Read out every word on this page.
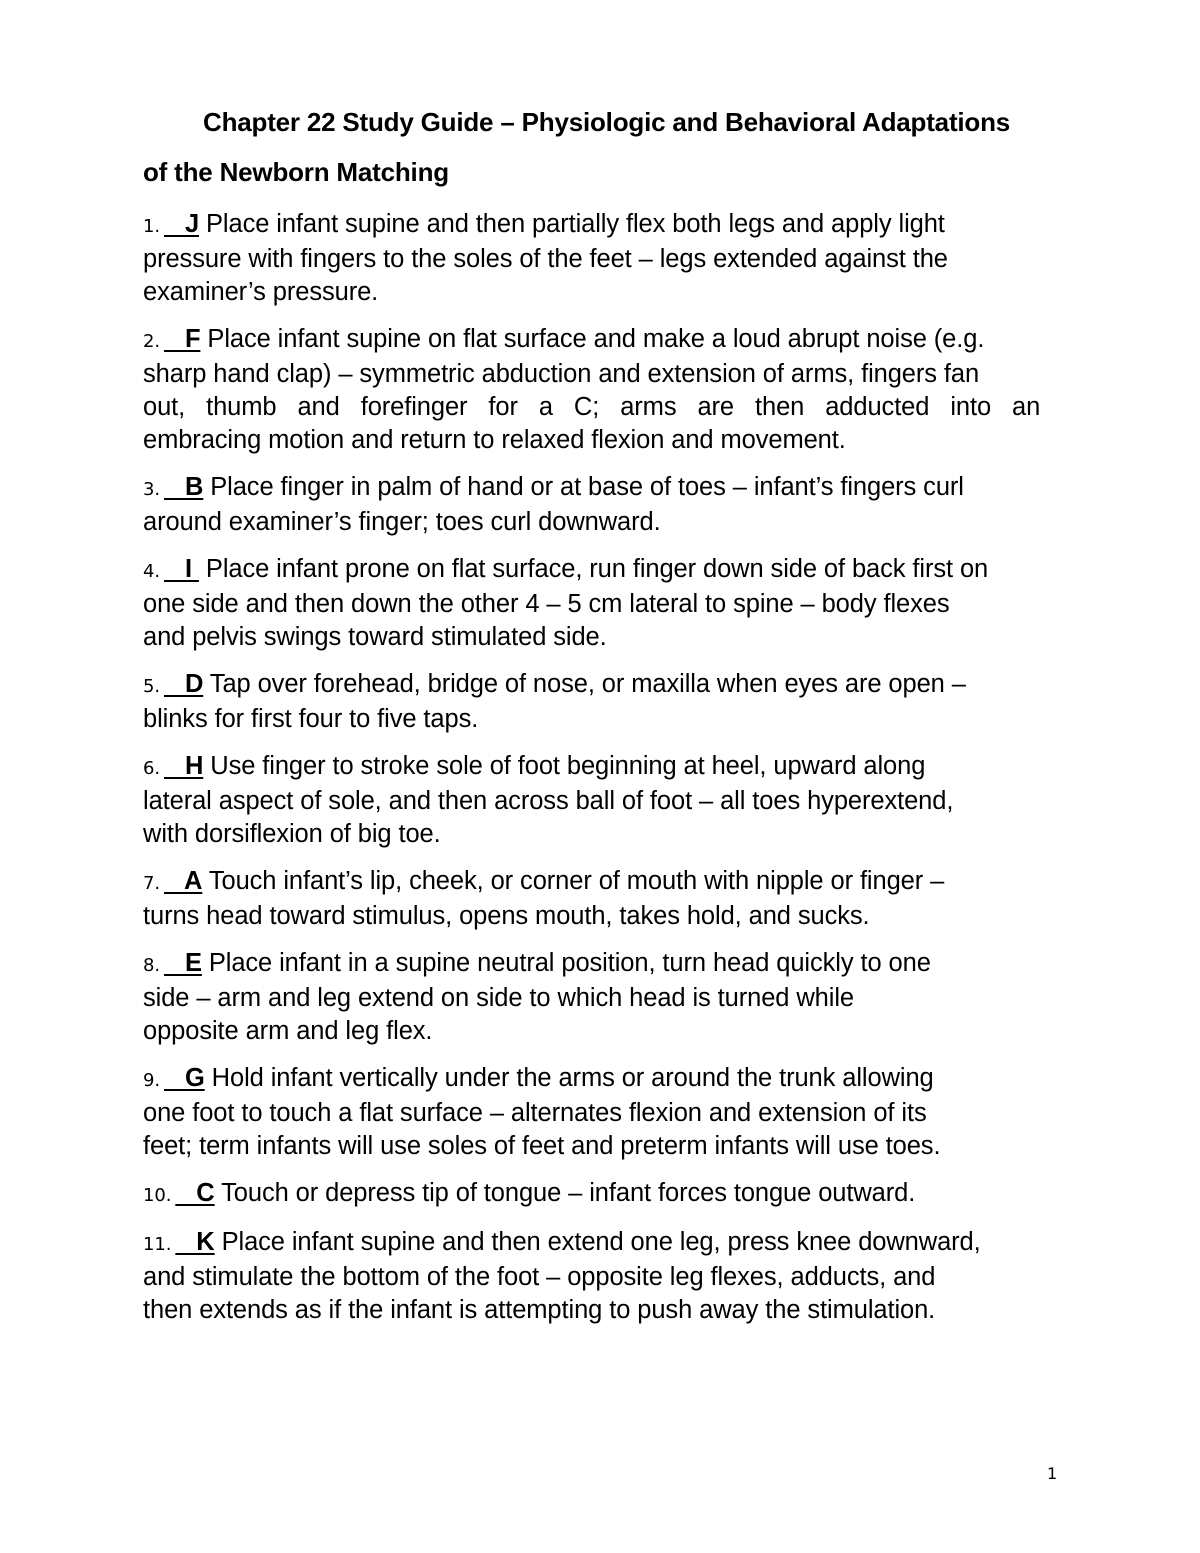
Chapter 22 Study Guide – Physiologic and Behavioral Adaptations
of the Newborn Matching
1.   J Place infant supine and then partially flex both legs and apply light
pressure with fingers to the soles of the feet – legs extended against the
examiner’s pressure.
2.   F Place infant supine on flat surface and make a loud abrupt noise (e.g.
sharp hand clap) – symmetric abduction and extension of arms, fingers fan
out, thumb and forefinger for a C; arms are then adducted into an
embracing motion and return to relaxed flexion and movement.
3.   B Place finger in palm of hand or at base of toes – infant’s fingers curl
around examiner’s finger; toes curl downward.
4.   I  Place infant prone on flat surface, run finger down side of back first on
one side and then down the other 4 – 5 cm lateral to spine – body flexes
and pelvis swings toward stimulated side.
5.   D Tap over forehead, bridge of nose, or maxilla when eyes are open –
blinks for first four to five taps.
6.   H Use finger to stroke sole of foot beginning at heel, upward along
lateral aspect of sole, and then across ball of foot – all toes hyperextend,
with dorsiflexion of big toe.
7.   A Touch infant’s lip, cheek, or corner of mouth with nipple or finger –
turns head toward stimulus, opens mouth, takes hold, and sucks.
8.   E Place infant in a supine neutral position, turn head quickly to one
side – arm and leg extend on side to which head is turned while
opposite arm and leg flex.
9.   G Hold infant vertically under the arms or around the trunk allowing
one foot to touch a flat surface – alternates flexion and extension of its
feet; term infants will use soles of feet and preterm infants will use toes.
10.   C Touch or depress tip of tongue – infant forces tongue outward.
11.   K Place infant supine and then extend one leg, press knee downward,
and stimulate the bottom of the foot – opposite leg flexes, adducts, and
then extends as if the infant is attempting to push away the stimulation.
1
